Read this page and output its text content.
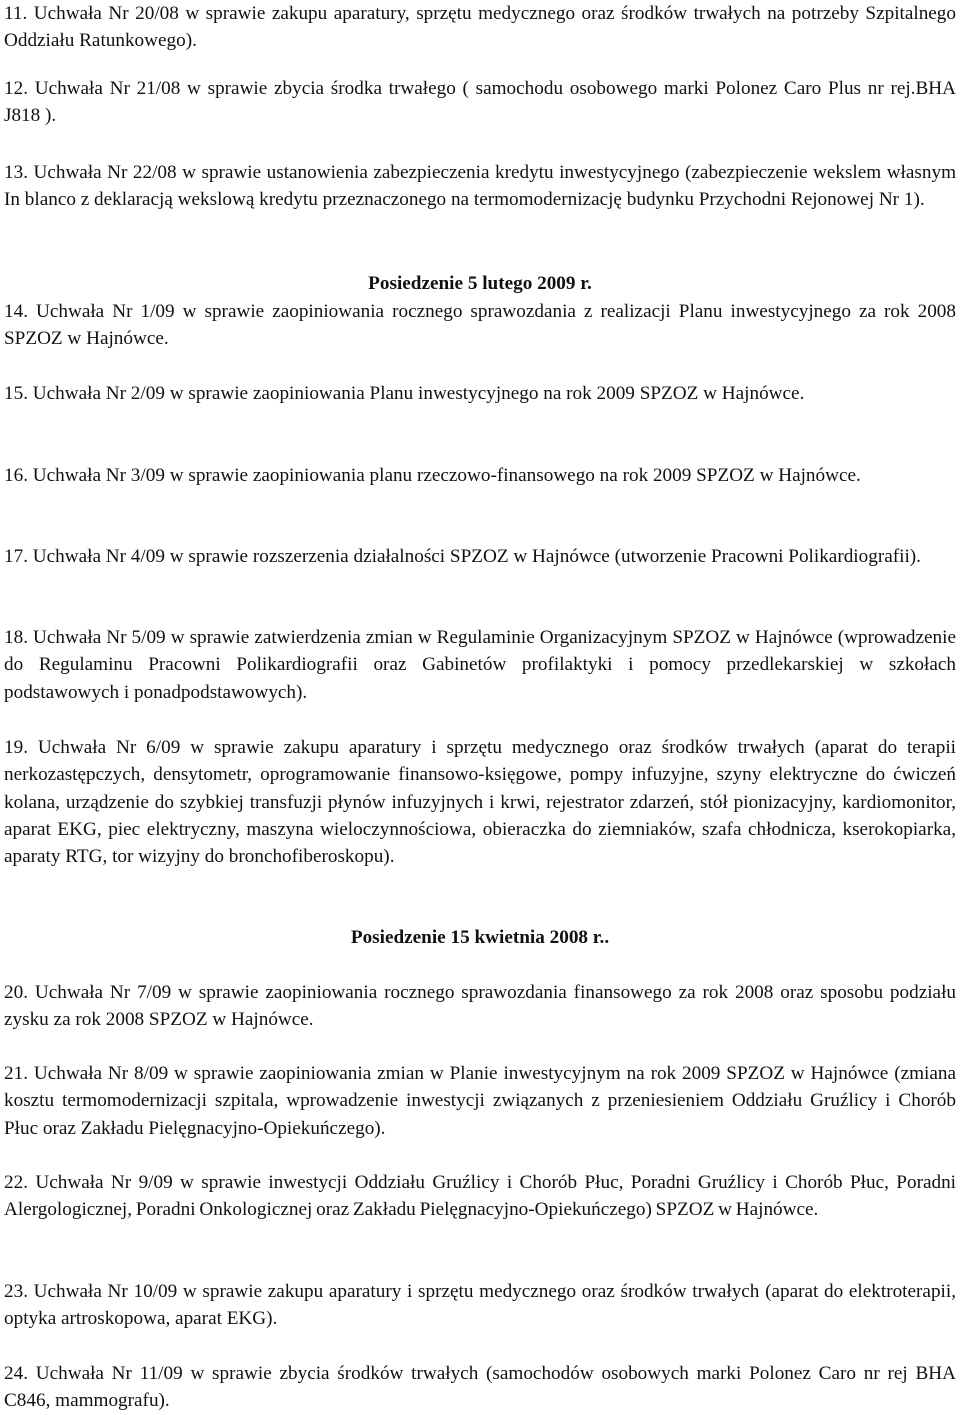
11. Uchwała Nr 20/08 w sprawie zakupu aparatury, sprzętu medycznego oraz środków trwałych na potrzeby Szpitalnego Oddziału Ratunkowego).

12. Uchwała Nr 21/08 w sprawie zbycia środka trwałego ( samochodu osobowego marki Polonez Caro Plus nr rej.BHA J818 ).

13. Uchwała Nr 22/08 w sprawie ustanowienia zabezpieczenia kredytu inwestycyjnego (zabezpieczenie wekslem własnym In blanco z deklaracją wekslową kredytu przeznaczonego na termomodernizację budynku Przychodni Rejonowej Nr 1).

Posiedzenie 5 lutego 2009 r.

14. Uchwała Nr 1/09 w sprawie zaopiniowania rocznego sprawozdania z realizacji Planu inwestycyjnego za rok 2008 SPZOZ w Hajnówce.

15. Uchwała Nr 2/09 w sprawie zaopiniowania Planu inwestycyjnego na rok 2009 SPZOZ w Hajnówce.

16. Uchwała Nr 3/09 w sprawie zaopiniowania planu rzeczowo-finansowego na rok 2009 SPZOZ w Hajnówce.

17. Uchwała Nr 4/09 w sprawie rozszerzenia działalności SPZOZ w Hajnówce (utworzenie Pracowni Polikardiografii).

18. Uchwała Nr 5/09 w sprawie zatwierdzenia zmian w Regulaminie Organizacyjnym SPZOZ w Hajnówce (wprowadzenie do Regulaminu Pracowni Polikardiografii oraz Gabinetów profilaktyki i pomocy przedlekarskiej w szkołach podstawowych i ponadpodstawowych).

19. Uchwała Nr 6/09 w sprawie zakupu aparatury i sprzętu medycznego oraz środków trwałych (aparat do terapii nerkozastępczych, densytometr, oprogramowanie finansowo-księgowe, pompy infuzyjne, szyny elektryczne do ćwiczeń kolana, urządzenie do szybkiej transfuzji płynów infuzyjnych i krwi, rejestrator zdarzeń, stół pionizacyjny, kardiomonitor, aparat EKG, piec elektryczny, maszyna wieloczynnościowa, obieraczka do ziemniaków, szafa chłodnicza, kserokopiarka, aparaty RTG, tor wizyjny do bronchofiberoskopu).

Posiedzenie 15 kwietnia 2008 r..

20. Uchwała Nr 7/09 w sprawie zaopiniowania rocznego sprawozdania finansowego za rok 2008 oraz sposobu podziału zysku za rok 2008 SPZOZ w Hajnówce.

21. Uchwała Nr 8/09 w sprawie zaopiniowania zmian w Planie inwestycyjnym na rok 2009 SPZOZ w Hajnówce (zmiana kosztu termomodernizacji szpitala, wprowadzenie inwestycji związanych z przeniesieniem Oddziału Gruźlicy i Chorób Płuc oraz Zakładu Pielęgnacyjno-Opiekuńczego).

22. Uchwała Nr 9/09 w sprawie inwestycji Oddziału Gruźlicy i Chorób Płuc, Poradni Gruźlicy i Chorób Płuc, Poradni Alergologicznej, Poradni Onkologicznej oraz Zakładu Pielęgnacyjno-Opiekuńczego) SPZOZ w Hajnówce.

23. Uchwała Nr 10/09 w sprawie zakupu aparatury i sprzętu medycznego oraz środków trwałych (aparat do elektroterapii, optyka artroskopowa, aparat EKG).

24. Uchwała Nr 11/09 w sprawie zbycia środków trwałych (samochodów osobowych marki Polonez Caro nr rej BHA C846, mammografu).
